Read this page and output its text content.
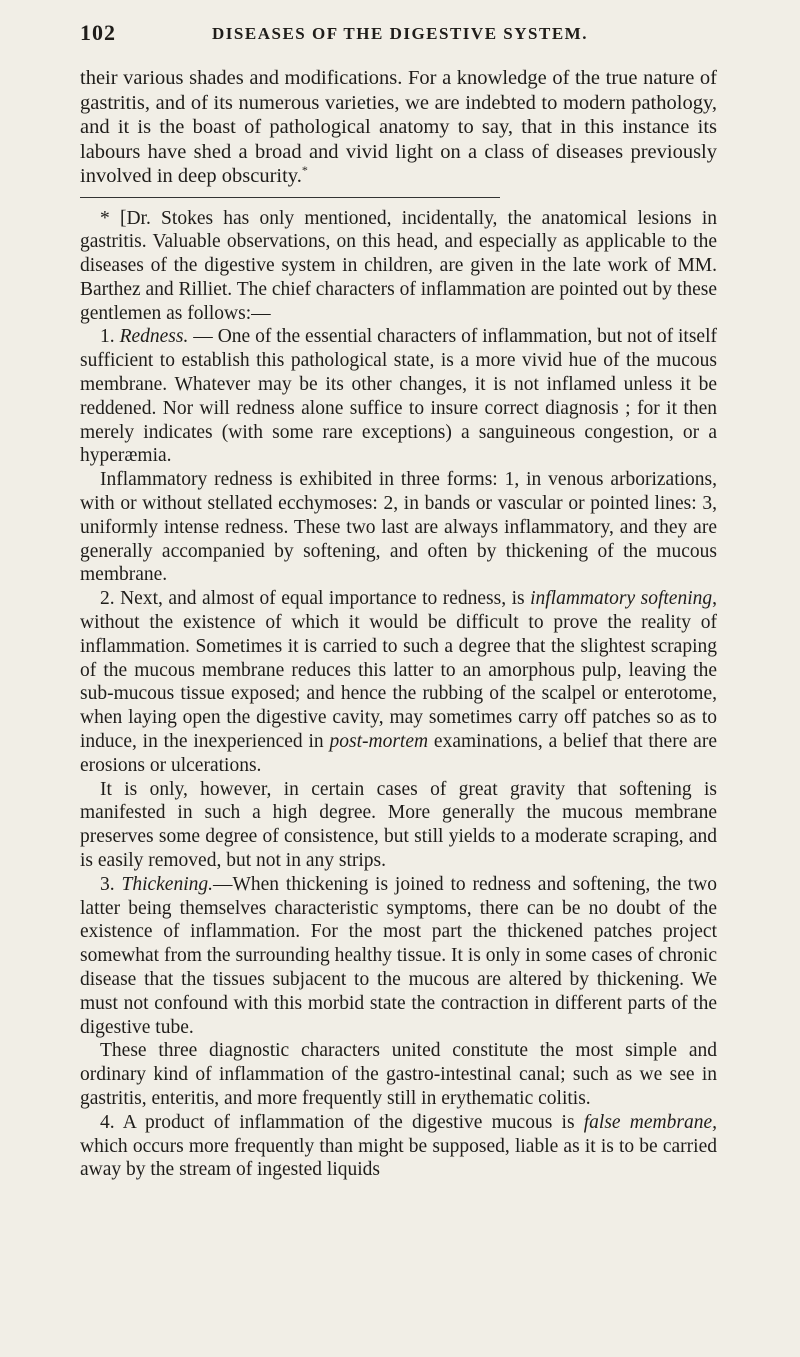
102	DISEASES OF THE DIGESTIVE SYSTEM.

their various shades and modifications. For a knowledge of the true nature of gastritis, and of its numerous varieties, we are indebted to modern pathology, and it is the boast of pathological anatomy to say, that in this instance its labours have shed a broad and vivid light on a class of diseases previously involved in deep obscurity.*

* [Dr. Stokes has only mentioned, incidentally, the anatomical lesions in gastritis. Valuable observations, on this head, and especially as applicable to the diseases of the digestive system in children, are given in the late work of MM. Barthez and Rilliet. The chief characters of inflammation are pointed out by these gentlemen as follows:—

1. Redness. — One of the essential characters of inflammation, but not of itself sufficient to establish this pathological state, is a more vivid hue of the mucous membrane. Whatever may be its other changes, it is not inflamed unless it be reddened. Nor will redness alone suffice to insure correct diagnosis ; for it then merely indicates (with some rare exceptions) a sanguineous congestion, or a hyperæmia.

Inflammatory redness is exhibited in three forms: 1, in venous arborizations, with or without stellated ecchymoses: 2, in bands or vascular or pointed lines: 3, uniformly intense redness. These two last are always inflammatory, and they are generally accompanied by softening, and often by thickening of the mucous membrane.

2. Next, and almost of equal importance to redness, is inflammatory softening, without the existence of which it would be difficult to prove the reality of inflammation. Sometimes it is carried to such a degree that the slightest scraping of the mucous membrane reduces this latter to an amorphous pulp, leaving the sub-mucous tissue exposed; and hence the rubbing of the scalpel or enterotome, when laying open the digestive cavity, may sometimes carry off patches so as to induce, in the inexperienced in post-mortem examinations, a belief that there are erosions or ulcerations.

It is only, however, in certain cases of great gravity that softening is manifested in such a high degree. More generally the mucous membrane preserves some degree of consistence, but still yields to a moderate scraping, and is easily removed, but not in any strips.

3. Thickening.—When thickening is joined to redness and softening, the two latter being themselves characteristic symptoms, there can be no doubt of the existence of inflammation. For the most part the thickened patches project somewhat from the surrounding healthy tissue. It is only in some cases of chronic disease that the tissues subjacent to the mucous are altered by thickening. We must not confound with this morbid state the contraction in different parts of the digestive tube.

These three diagnostic characters united constitute the most simple and ordinary kind of inflammation of the gastro-intestinal canal; such as we see in gastritis, enteritis, and more frequently still in erythematic colitis.

4. A product of inflammation of the digestive mucous is false membrane, which occurs more frequently than might be supposed, liable as it is to be carried away by the stream of ingested liquids
